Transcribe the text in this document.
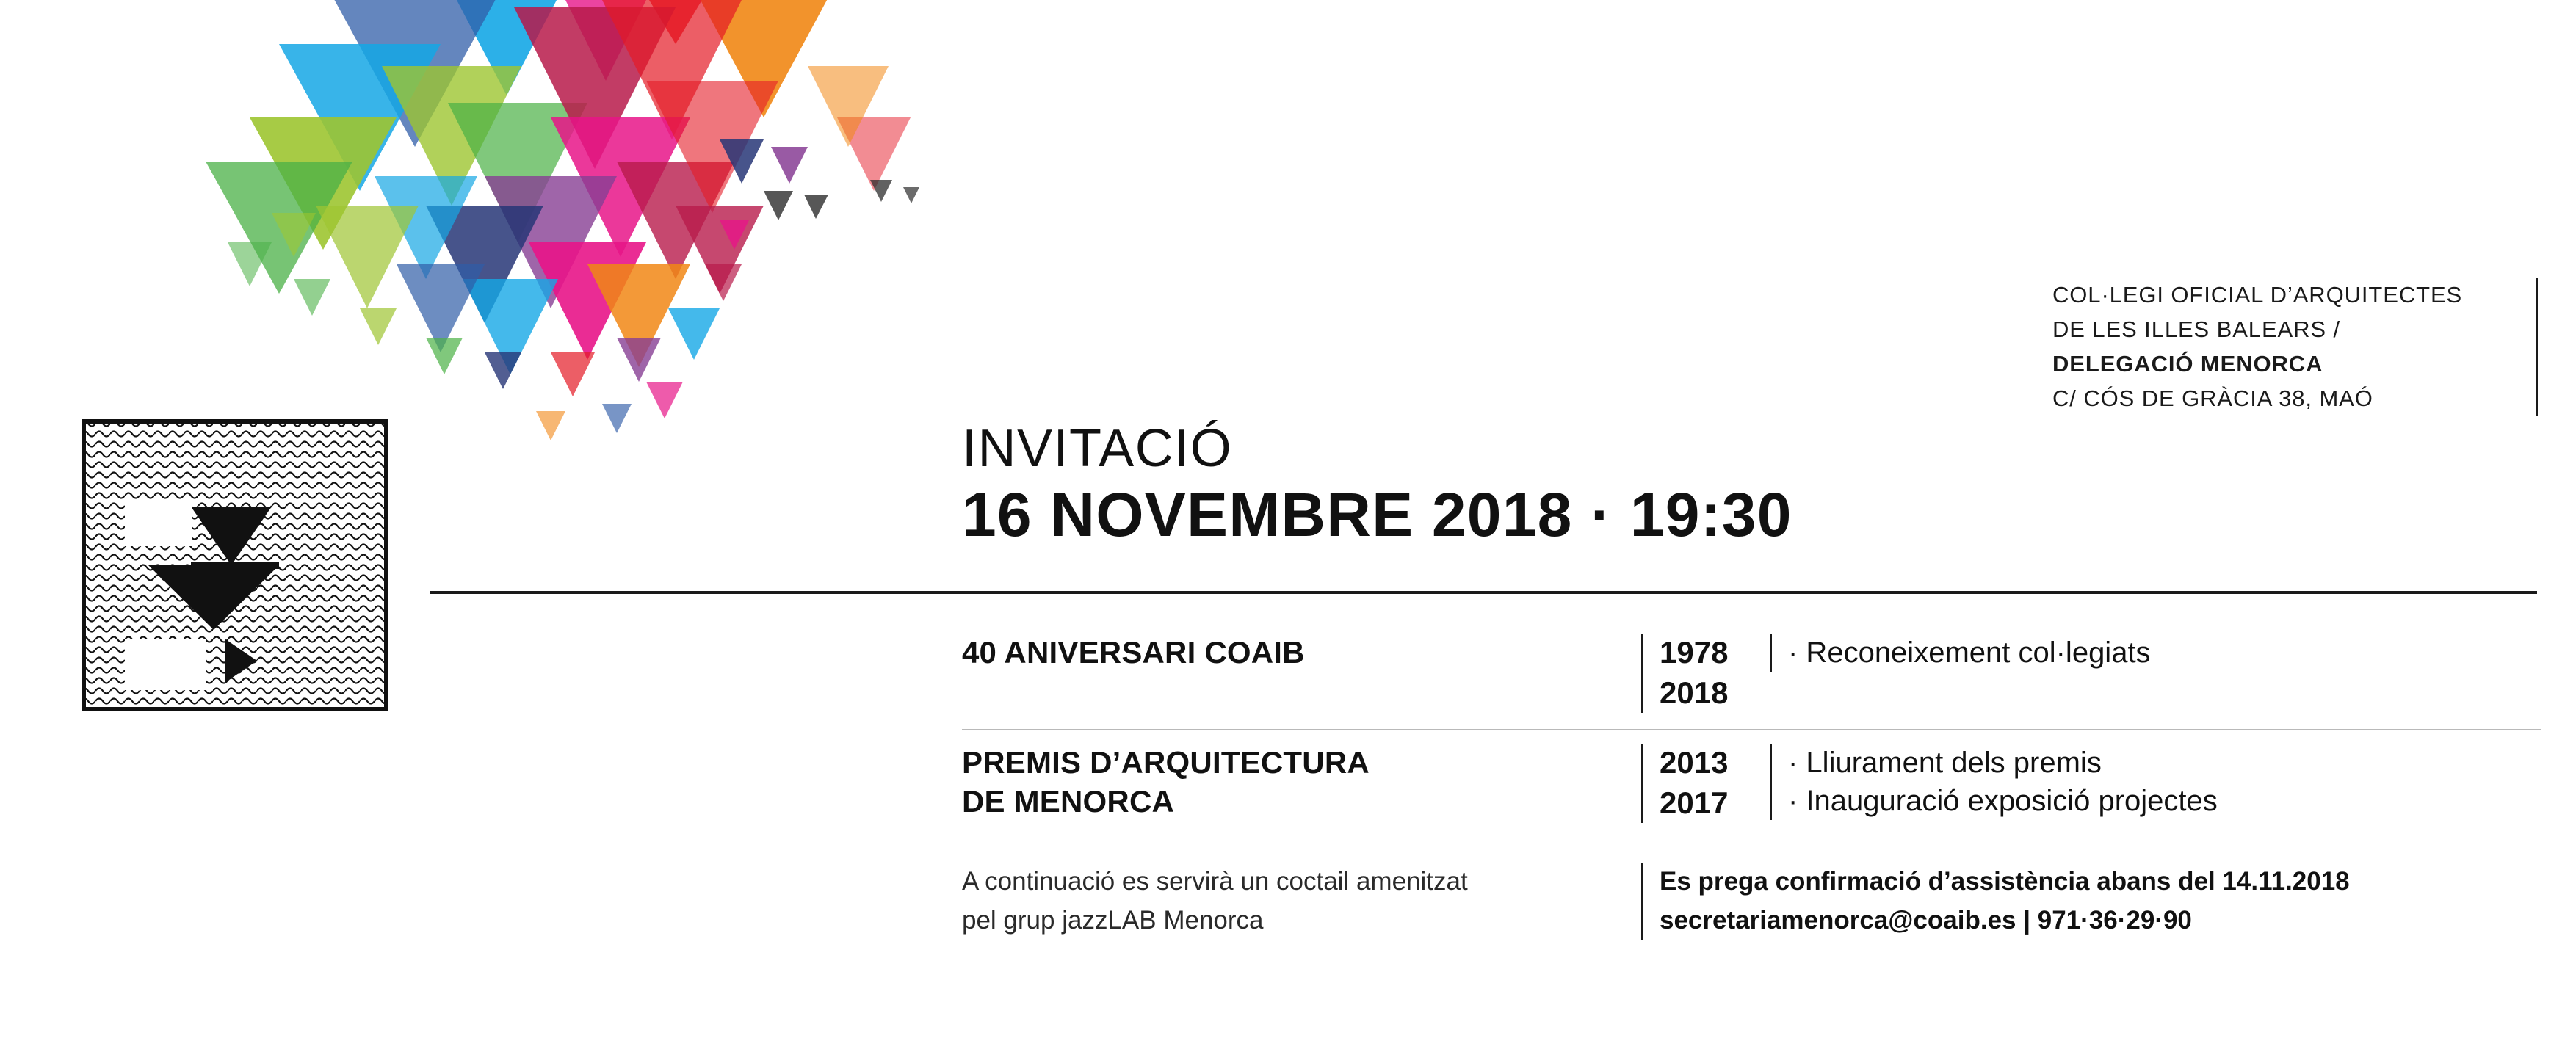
COL·LEGI OFICIAL D’ARQUITECTES
DE LES ILLES BALEARS /
DELEGACIÓ MENORCA
C/ CÓS DE GRÀCIA 38, MAÓ
INVITACIÓ
16 NOVEMBRE 2018 · 19:30
40 ANIVERSARI COAIB	1978
2018
· Reconeixement col·legiats
PREMIS D’ARQUITECTURA
DE MENORCA
2013
2017
· Lliurament dels premis
· Inauguració exposició projectes
A continuació es servirà un coctail amenitzat
pel grup jazzLAB Menorca
Es prega confirmació d’assistència abans del 14.11.2018
secretariamenorca@coaib.es | 971·36·29·90
